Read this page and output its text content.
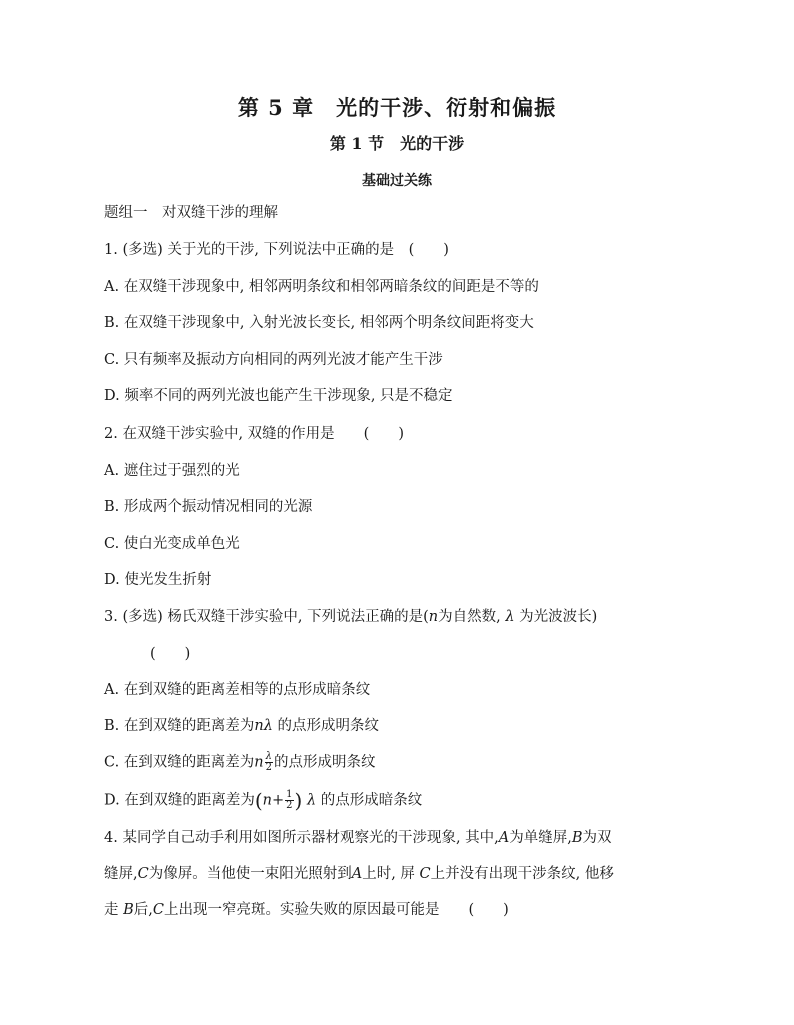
第 5 章　光的干涉、衍射和偏振
第 1 节　光的干涉
基础过关练
题组一　对双缝干涉的理解
1. (多选) 关于光的干涉, 下列说法中正确的是　(　　)
A. 在双缝干涉现象中, 相邻两明条纹和相邻两暗条纹的间距是不等的
B. 在双缝干涉现象中, 入射光波长变长, 相邻两个明条纹间距将变大
C. 只有频率及振动方向相同的两列光波才能产生干涉
D. 频率不同的两列光波也能产生干涉现象, 只是不稳定
2. 在双缝干涉实验中, 双缝的作用是　　(　　)
A. 遮住过于强烈的光
B. 形成两个振动情况相同的光源
C. 使白光变成单色光
D. 使光发生折射
3. (多选) 杨氏双缝干涉实验中, 下列说法正确的是(n为自然数, λ 为光波波长)
(　　)
A. 在到双缝的距离差相等的点形成暗条纹
B. 在到双缝的距离差为nλ 的点形成明条纹
C. 在到双缝的距离差为n $\frac{\lambda}{2}$ 的点形成明条纹
D. 在到双缝的距离差为($n+ \frac{1}{2}$ ) λ 的点形成暗条纹
4. 某同学自己动手利用如图所示器材观察光的干涉现象, 其中,A为单缝屏,B为双
缝屏,C为像屏。当他使一束阳光照射到A上时, 屏 C上并没有出现干涉条纹, 他移
走 B后,C上出现一窄亮斑。实验失败的原因最可能是　　(　　)
